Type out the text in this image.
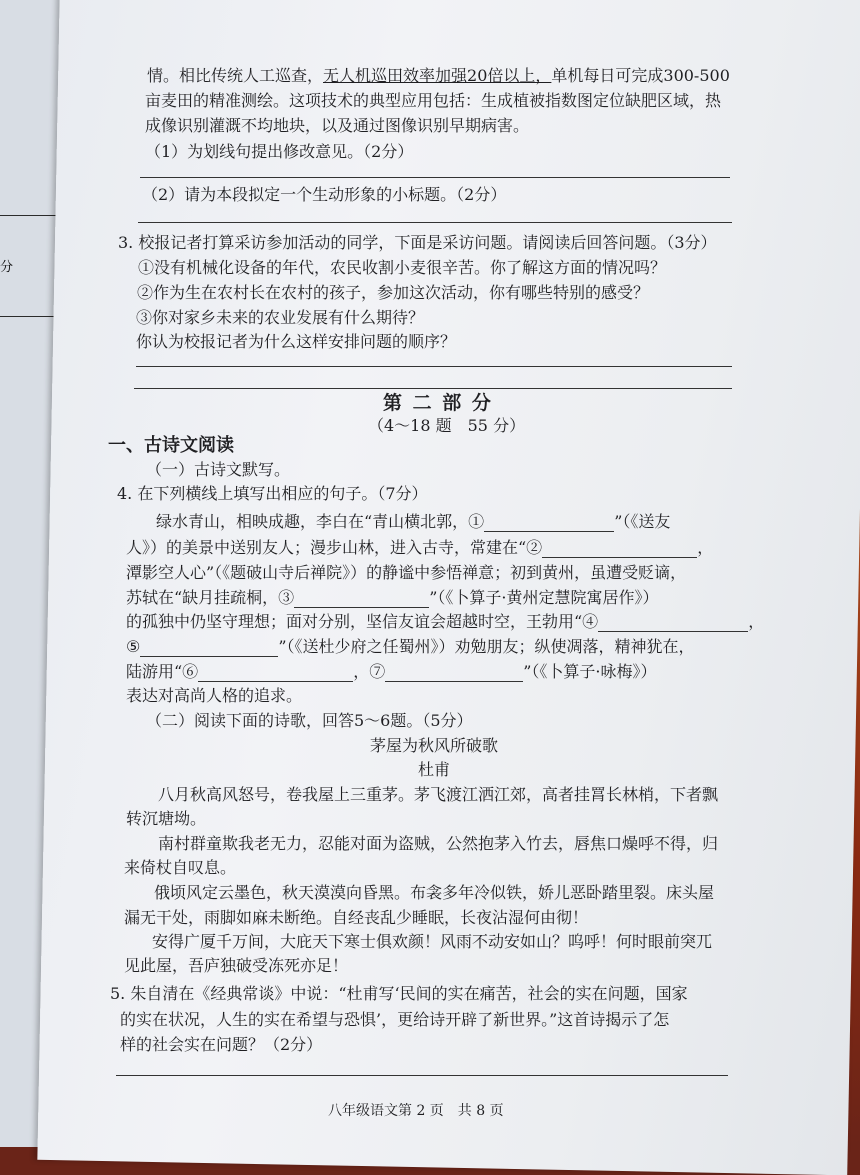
分
情。相比传统人工巡查，无人机巡田效率加强20倍以上，单机每日可完成300-500
亩麦田的精准测绘。这项技术的典型应用包括：生成植被指数图定位缺肥区域，热
成像识别灌溉不均地块，以及通过图像识别早期病害。
（1）为划线句提出修改意见。（2分）
（2）请为本段拟定一个生动形象的小标题。（2分）
3. 校报记者打算采访参加活动的同学，下面是采访问题。请阅读后回答问题。（3分）
①没有机械化设备的年代，农民收割小麦很辛苦。你了解这方面的情况吗？
②作为生在农村长在农村的孩子，参加这次活动，你有哪些特别的感受？
③你对家乡未来的农业发展有什么期待？
你认为校报记者为什么这样安排问题的顺序？
第 二 部 分
（4～18 题　55 分）
一、古诗文阅读
（一）古诗文默写。
4. 在下列横线上填写出相应的句子。（7分）
绿水青山，相映成趣，李白在“青山横北郭，①	”（《送友
人》）的美景中送别友人；漫步山林，进入古寺，常建在“②	，
潭影空人心”（《题破山寺后禅院》）的静谧中参悟禅意；初到黄州，虽遭受贬谪，
苏轼在“缺月挂疏桐，③	”（《卜算子·黄州定慧院寓居作》）
的孤独中仍坚守理想；面对分别，坚信友谊会超越时空，王勃用“④	，
⑤	”（《送杜少府之任蜀州》）劝勉朋友；纵使凋落，精神犹在，
陆游用“⑥	，⑦	”（《卜算子·咏梅》）
表达对高尚人格的追求。
（二）阅读下面的诗歌，回答5～6题。（5分）
茅屋为秋风所破歌
杜甫
八月秋高风怒号，卷我屋上三重茅。茅飞渡江洒江郊，高者挂罥长林梢，下者飘
转沉塘坳。
南村群童欺我老无力，忍能对面为盗贼，公然抱茅入竹去，唇焦口燥呼不得，归
来倚杖自叹息。
俄顷风定云墨色，秋天漠漠向昏黑。布衾多年冷似铁，娇儿恶卧踏里裂。床头屋
漏无干处，雨脚如麻未断绝。自经丧乱少睡眠，长夜沾湿何由彻！
安得广厦千万间，大庇天下寒士俱欢颜！风雨不动安如山？呜呼！何时眼前突兀
见此屋，吾庐独破受冻死亦足！
5. 朱自清在《经典常谈》中说：“杜甫写‘民间的实在痛苦，社会的实在问题，国家
的实在状况，人生的实在希望与恐惧’，更给诗开辟了新世界。”这首诗揭示了怎
样的社会实在问题？（2分）
八年级语文第 2 页　共 8 页
